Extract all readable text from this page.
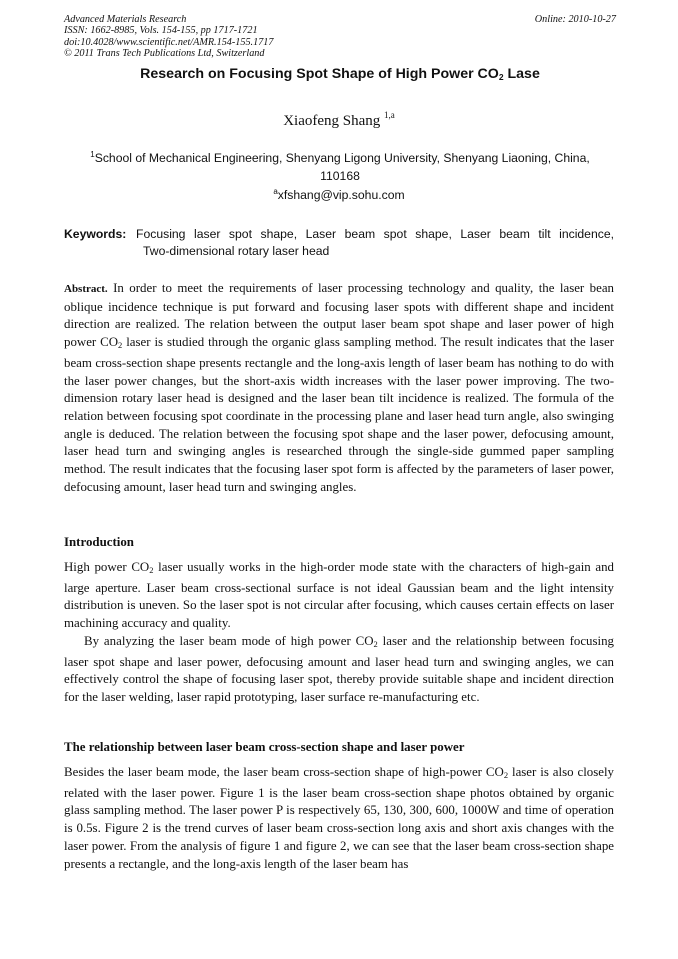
Advanced Materials Research
ISSN: 1662-8985, Vols. 154-155, pp 1717-1721
doi:10.4028/www.scientific.net/AMR.154-155.1717
© 2011 Trans Tech Publications Ltd, Switzerland
Online: 2010-10-27
Research on Focusing Spot Shape of High Power $CO_2$ Lase
Xiaofeng Shang $^{1,a}$
$^1$School of Mechanical Engineering, Shenyang Ligong University, Shenyang Liaoning, China,
110168
$^a$xfshang@vip.sohu.com
Keywords: Focusing laser spot shape, Laser beam spot shape, Laser beam tilt incidence,
Two-dimensional rotary laser head

Abstract. In order to meet the requirements of laser processing technology and quality, the laser bean oblique incidence technique is put forward and focusing laser spots with different shape and incident direction are realized. The relation between the output laser beam spot shape and laser power of high power $CO_2$ laser is studied through the organic glass sampling method. The result indicates that the laser beam cross-section shape presents rectangle and the long-axis length of laser beam has nothing to do with the laser power changes, but the short-axis width increases with the laser power improving. The two-dimension rotary laser head is designed and the laser bean tilt incidence is realized. The formula of the relation between focusing spot coordinate in the processing plane and laser head turn angle, also swinging angle is deduced. The relation between the focusing spot shape and the laser power, defocusing amount, laser head turn and swinging angles is researched through the single-side gummed paper sampling method. The result indicates that the focusing laser spot form is affected by the parameters of laser power, defocusing amount, laser head turn and swinging angles.

Introduction

High power $CO_2$ laser usually works in the high-order mode state with the characters of high-gain and large aperture. Laser beam cross-sectional surface is not ideal Gaussian beam and the light intensity distribution is uneven. So the laser spot is not circular after focusing, which causes certain effects on laser machining accuracy and quality.

By analyzing the laser beam mode of high power $CO_2$ laser and the relationship between focusing laser spot shape and laser power, defocusing amount and laser head turn and swinging angles, we can effectively control the shape of focusing laser spot, thereby provide suitable shape and incident direction for the laser welding, laser rapid prototyping, laser surface re-manufacturing etc.

The relationship between laser beam cross-section shape and laser power

Besides the laser beam mode, the laser beam cross-section shape of high-power $CO_2$ laser is also closely related with the laser power. Figure 1 is the laser beam cross-section shape photos obtained by organic glass sampling method. The laser power P is respectively 65, 130, 300, 600, 1000W and time of operation is 0.5s. Figure 2 is the trend curves of laser beam cross-section long axis and short axis changes with the laser power. From the analysis of figure 1 and figure 2, we can see that the laser beam cross-section shape presents a rectangle, and the long-axis length of the laser beam has
